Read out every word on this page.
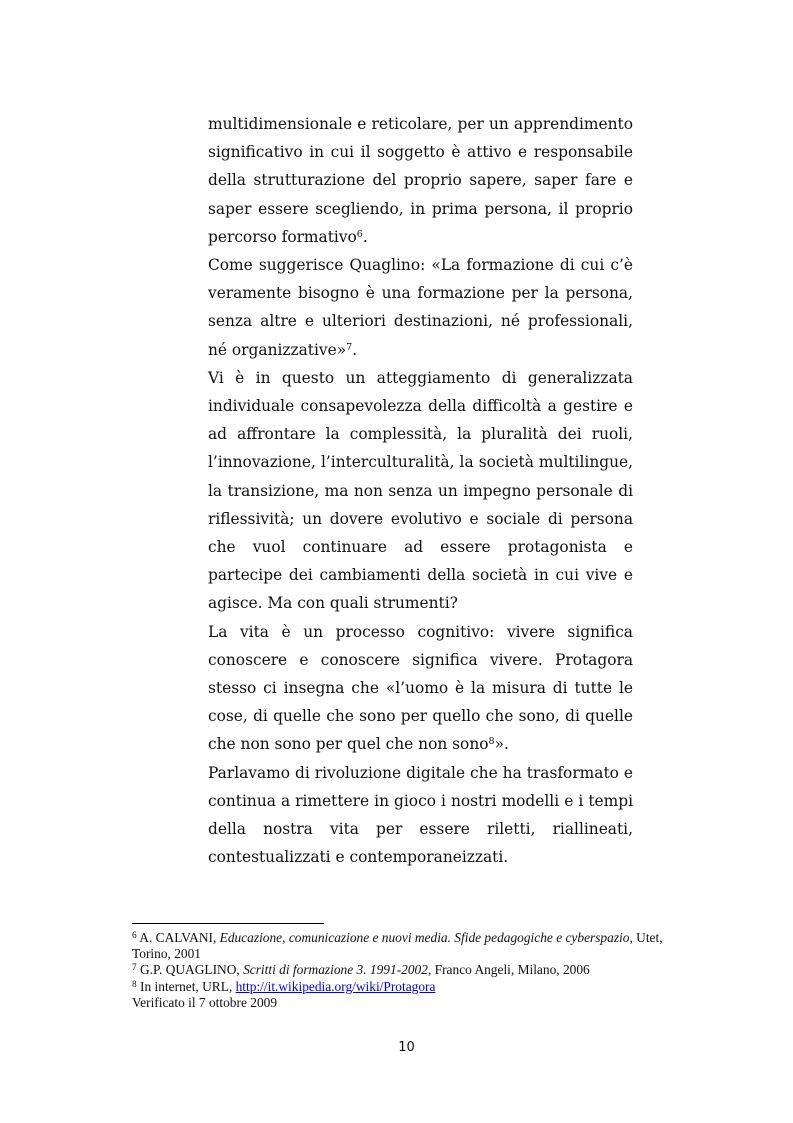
multidimensionale e reticolare, per un apprendimento significativo in cui il soggetto è attivo e responsabile della strutturazione del proprio sapere, saper fare e saper essere scegliendo, in prima persona, il proprio percorso formativo$^6$.

Come suggerisce Quaglino: «La formazione di cui c’è veramente bisogno è una formazione per la persona, senza altre e ulteriori destinazioni, né professionali, né organizzative»$^7$.

Vi è in questo un atteggiamento di generalizzata individuale consapevolezza della difficoltà a gestire e ad affrontare la complessità, la pluralità dei ruoli, l’innovazione, l’interculturalità, la società multilingue, la transizione, ma non senza un impegno personale di riflessività; un dovere evolutivo e sociale di persona che vuol continuare ad essere protagonista e partecipe dei cambiamenti della società in cui vive e agisce. Ma con quali strumenti?

La vita è un processo cognitivo: vivere significa conoscere e conoscere significa vivere. Protagora stesso ci insegna che «l’uomo è la misura di tutte le cose, di quelle che sono per quello che sono, di quelle che non sono per quel che non sono$^8$».

Parlavamo di rivoluzione digitale che ha trasformato e continua a rimettere in gioco i nostri modelli e i tempi della nostra vita per essere riletti, riallineati, contestualizzati e contemporaneizzati.

$^6$ A. CALVANI, Educazione, comunicazione e nuovi media. Sfide pedagogiche e cyberspazio, Utet, Torino, 2001

$^7$ G.P. QUAGLINO, Scritti di formazione 3. 1991-2002, Franco Angeli, Milano, 2006

$^8$ In internet, URL, http://it.wikipedia.org/wiki/Protagora

Verificato il 7 ottobre 2009

10
